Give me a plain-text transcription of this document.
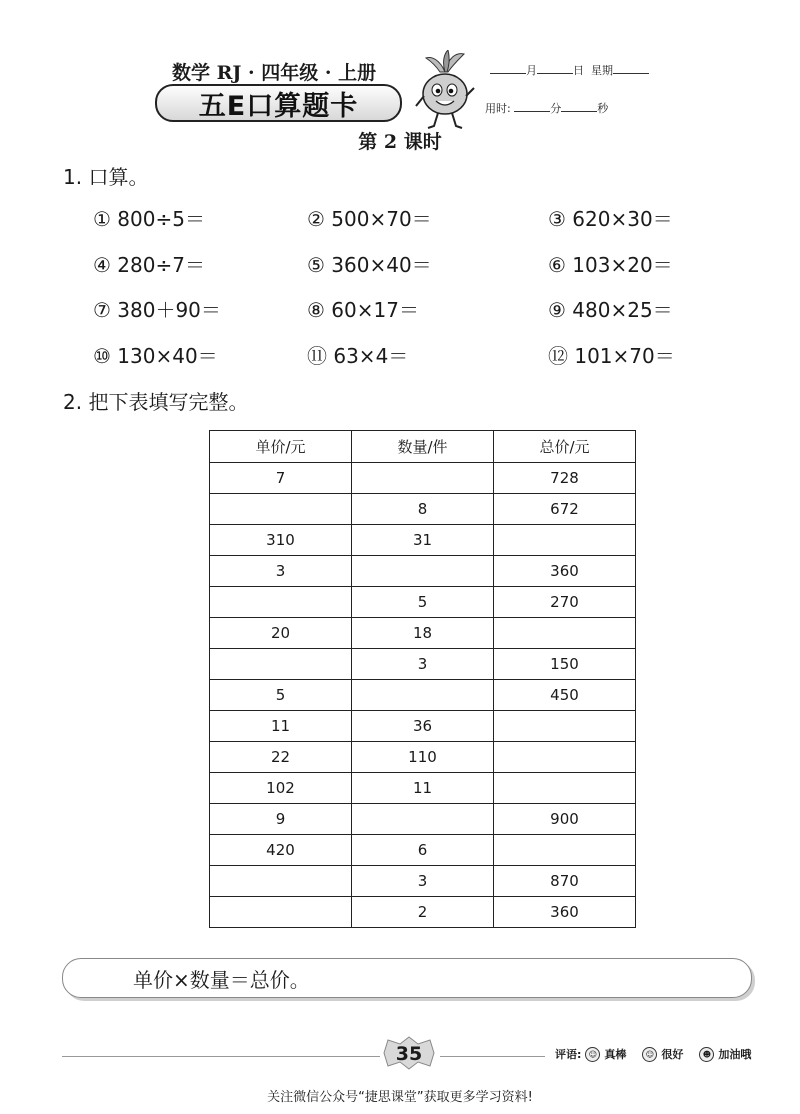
数学 RJ · 四年级 · 上册
五E口算题卡
月	日 星期
用时:	分	秒
第 2 课时
1. 口算。
① 800÷5＝	② 500×70＝	③ 620×30＝
④ 280÷7＝	⑤ 360×40＝	⑥ 103×20＝
⑦ 380＋90＝	⑧ 60×17＝	⑨ 480×25＝
⑩ 130×40＝	⑪ 63×4＝	⑫ 101×70＝
2. 把下表填写完整。
单价/元	数量/件	总价/元
7		728
	8	672
310	31	
3		360
	5	270
20	18	
	3	150
5		450
11	36	
22	110	
102	11	
9		900
420	6	
	3	870
	2	360
单价×数量＝总价。
35	评语: ☺ 真棒	☺ 很好	☻ 加油哦
关注微信公众号“捷思课堂”获取更多学习资料!
